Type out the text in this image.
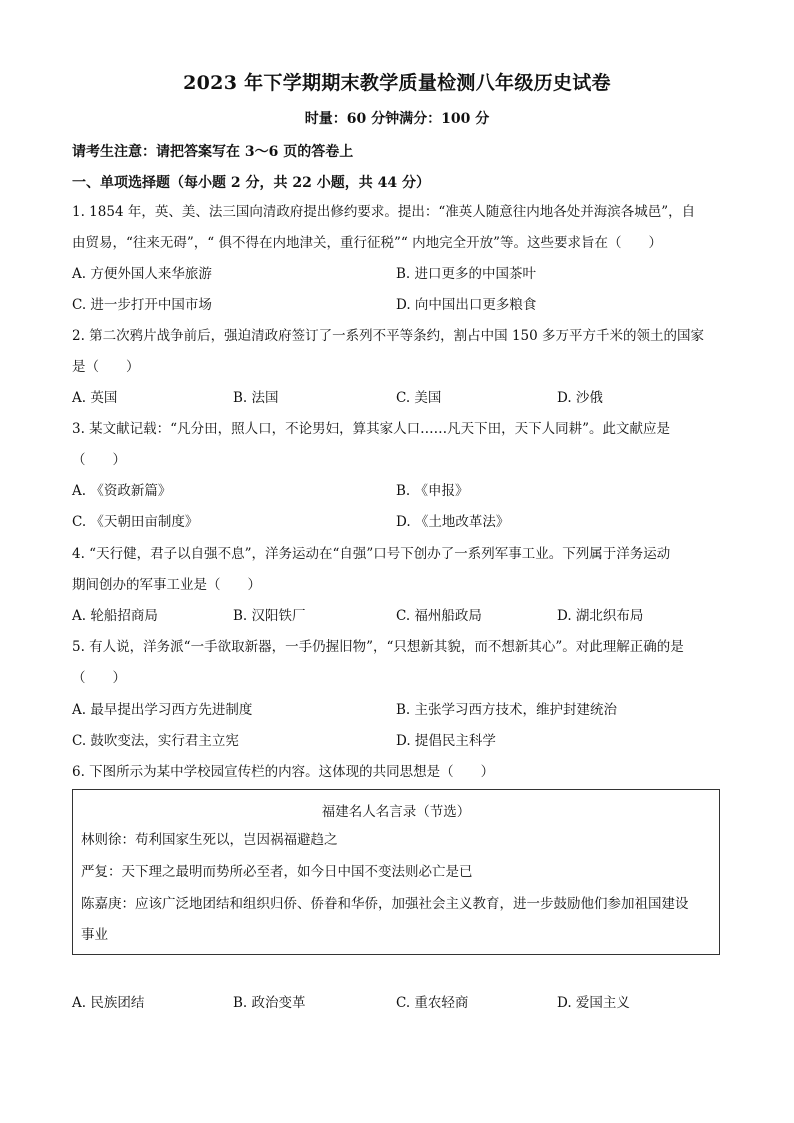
2023 年下学期期末教学质量检测八年级历史试卷
时量：60 分钟满分：100 分
请考生注意：请把答案写在 3～6 页的答卷上
一、单项选择题（每小题 2 分，共 22 小题，共 44 分）

1. 1854 年，英、美、法三国向清政府提出修约要求。提出：“准英人随意往内地各处并海滨各城邑”，自

由贸易，“往来无碍”，“ 俱不得在内地津关，重行征税”“ 内地完全开放”等。这些要求旨在（　　）

A. 方便外国人来华旅游	B. 进口更多的中国茶叶
C. 进一步打开中国市场	D. 向中国出口更多粮食

2. 第二次鸦片战争前后，强迫清政府签订了一系列不平等条约，割占中国 150 多万平方千米的领土的国家

是（　　）

A. 英国	B. 法国	C. 美国	D. 沙俄

3. 某文献记载：“凡分田，照人口，不论男妇，算其家人口……凡天下田，天下人同耕”。此文献应是

（　　）

A. 《资政新篇》	B. 《申报》
C. 《天朝田亩制度》	D. 《土地改革法》

4. “天行健，君子以自强不息”，洋务运动在“自强”口号下创办了一系列军事工业。下列属于洋务运动

期间创办的军事工业是（　　）

A. 轮船招商局	B. 汉阳铁厂	C. 福州船政局	D. 湖北织布局

5. 有人说，洋务派“一手欲取新器，一手仍握旧物”，“只想新其貌，而不想新其心”。对此理解正确的是

（　　）

A. 最早提出学习西方先进制度	B. 主张学习西方技术，维护封建统治
C. 鼓吹变法，实行君主立宪	D. 提倡民主科学

6. 下图所示为某中学校园宣传栏的内容。这体现的共同思想是（　　）

福建名人名言录（节选）
林则徐：苟利国家生死以，岂因祸福避趋之
严复：天下理之最明而势所必至者，如今日中国不变法则必亡是已
陈嘉庚：应该广泛地团结和组织归侨、侨眷和华侨，加强社会主义教育，进一步鼓励他们参加祖国建设
事业
A. 民族团结	B. 政治变革	C. 重农轻商	D. 爱国主义
